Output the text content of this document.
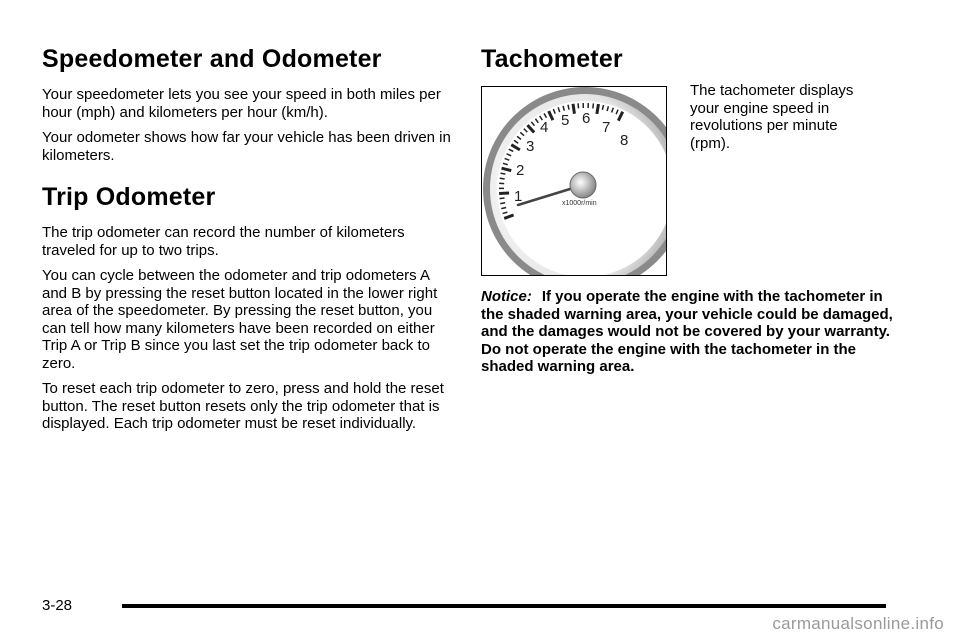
Speedometer and Odometer

Your speedometer lets you see your speed in both miles per hour (mph) and kilometers per hour (km/h).

Your odometer shows how far your vehicle has been driven in kilometers.

Trip Odometer

The trip odometer can record the number of kilometers traveled for up to two trips.

You can cycle between the odometer and trip odometers A and B by pressing the reset button located in the lower right area of the speedometer. By pressing the reset button, you can tell how many kilometers have been recorded on either Trip A or Trip B since you last set the trip odometer back to zero.

To reset each trip odometer to zero, press and hold the reset button. The reset button resets only the trip odometer that is displayed. Each trip odometer must be reset individually.

Tachometer
1
2
3
4 5 6
7
8
x1000r/min

The tachometer displays your engine speed in revolutions per minute (rpm).

Notice: If you operate the engine with the tachometer in the shaded warning area, your vehicle could be damaged, and the damages would not be covered by your warranty. Do not operate the engine with the tachometer in the shaded warning area.
3-28
carmanualsonline.info
